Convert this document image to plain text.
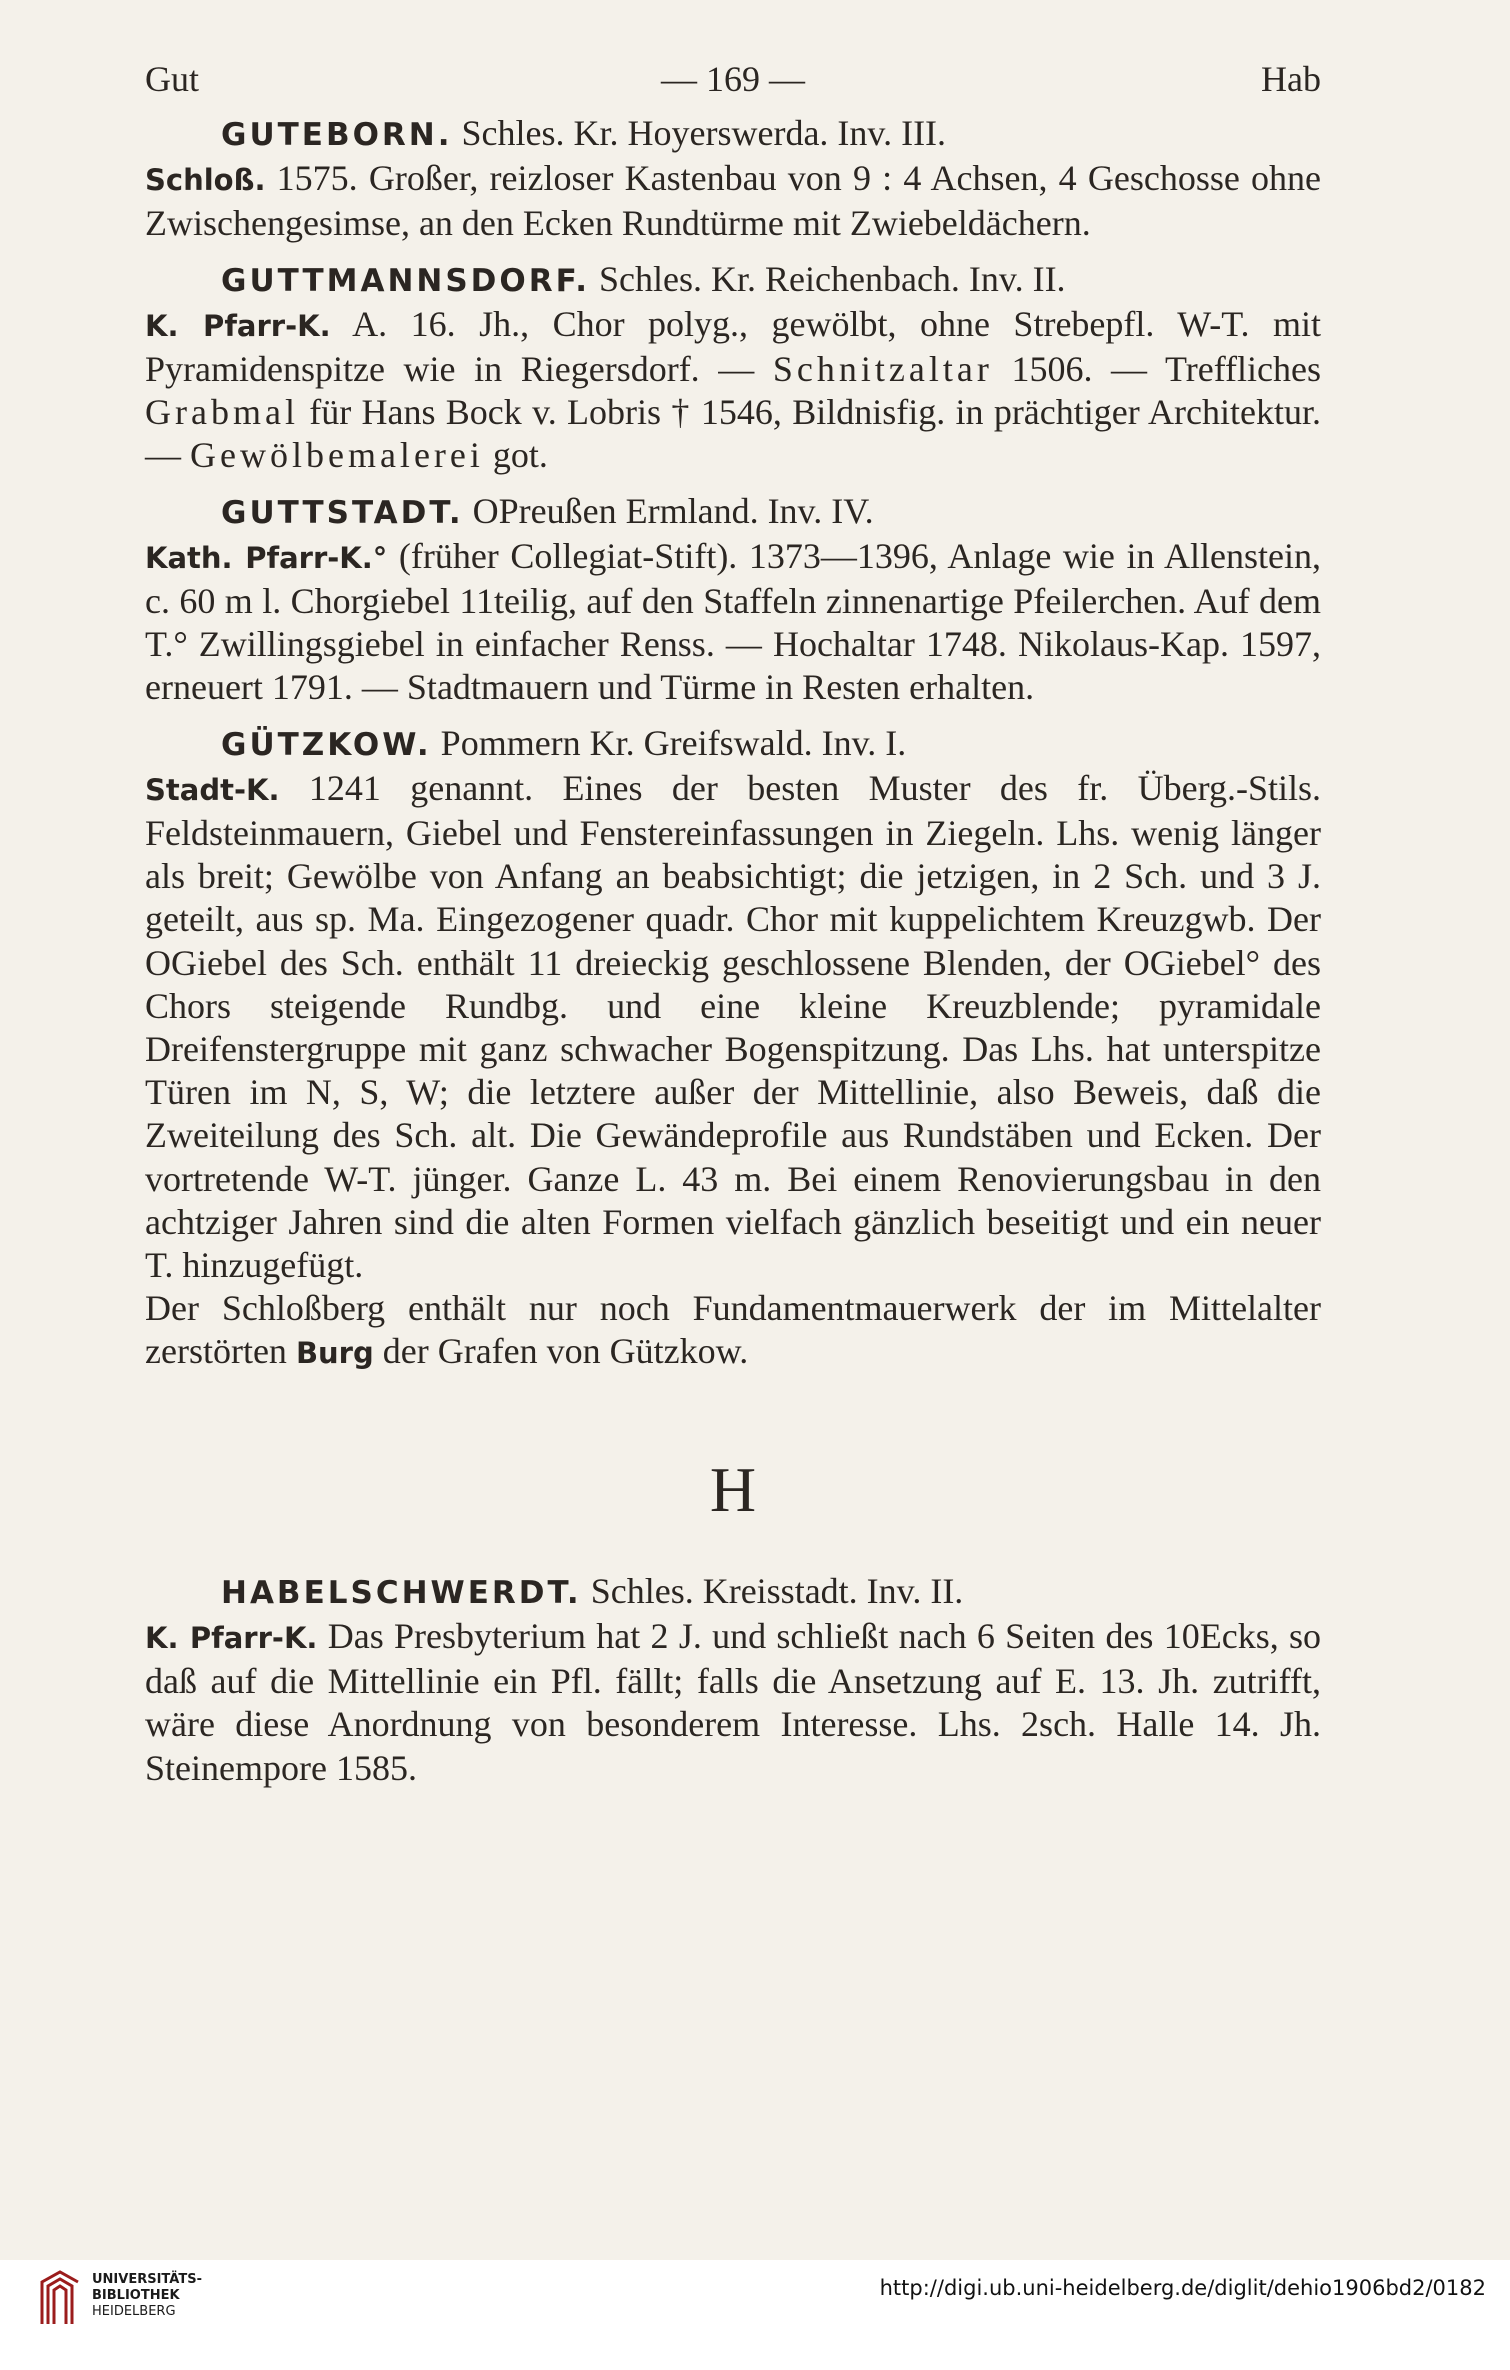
Gut	— 169 —	Hab
GUTEBORN. Schles. Kr. Hoyerswerda. Inv. III.

Schloß. 1575. Großer, reizloser Kastenbau von 9 : 4 Achsen, 4 Geschosse ohne Zwischengesimse, an den Ecken Rundtürme mit Zwiebeldächern.

GUTTMANNSDORF. Schles. Kr. Reichenbach. Inv. II.

K. Pfarr-K. A. 16. Jh., Chor polyg., gewölbt, ohne Strebepfl. W-T. mit Pyramidenspitze wie in Riegersdorf. — Schnitzaltar 1506. — Treffliches Grabmal für Hans Bock v. Lobris † 1546, Bildnisfig. in prächtiger Architektur. — Gewölbemalerei got.

GUTTSTADT. OPreußen Ermland. Inv. IV.

Kath. Pfarr-K.° (früher Collegiat-Stift). 1373—1396, Anlage wie in Allenstein, c. 60 m l. Chorgiebel 11teilig, auf den Staffeln zinnenartige Pfeilerchen. Auf dem T.° Zwillingsgiebel in einfacher Renss. — Hochaltar 1748. Nikolaus-Kap. 1597, erneuert 1791. — Stadtmauern und Türme in Resten erhalten.

GÜTZKOW. Pommern Kr. Greifswald. Inv. I.

Stadt-K. 1241 genannt. Eines der besten Muster des fr. Überg.-Stils. Feldsteinmauern, Giebel und Fenstereinfassungen in Ziegeln. Lhs. wenig länger als breit; Gewölbe von Anfang an beabsichtigt; die jetzigen, in 2 Sch. und 3 J. geteilt, aus sp. Ma. Eingezogener quadr. Chor mit kuppelichtem Kreuzgwb. Der OGiebel des Sch. enthält 11 dreieckig geschlossene Blenden, der OGiebel° des Chors steigende Rundbg. und eine kleine Kreuzblende; pyramidale Dreifenstergruppe mit ganz schwacher Bogenspitzung. Das Lhs. hat unterspitze Türen im N, S, W; die letztere außer der Mittellinie, also Beweis, daß die Zweiteilung des Sch. alt. Die Gewändeprofile aus Rundstäben und Ecken. Der vortretende W-T. jünger. Ganze L. 43 m. Bei einem Renovierungsbau in den achtziger Jahren sind die alten Formen vielfach gänzlich beseitigt und ein neuer T. hinzugefügt.

Der Schloßberg enthält nur noch Fundamentmauerwerk der im Mittelalter zerstörten Burg der Grafen von Gützkow.

H
HABELSCHWERDT. Schles. Kreisstadt. Inv. II.

K. Pfarr-K. Das Presbyterium hat 2 J. und schließt nach 6 Seiten des 10Ecks, so daß auf die Mittellinie ein Pfl. fällt; falls die Ansetzung auf E. 13. Jh. zutrifft, wäre diese Anordnung von besonderem Interesse. Lhs. 2sch. Halle 14. Jh. Steinempore 1585.

UNIVERSITÄTS-
BIBLIOTHEK
HEIDELBERG
http://digi.ub.uni-heidelberg.de/diglit/dehio1906bd2/0182
